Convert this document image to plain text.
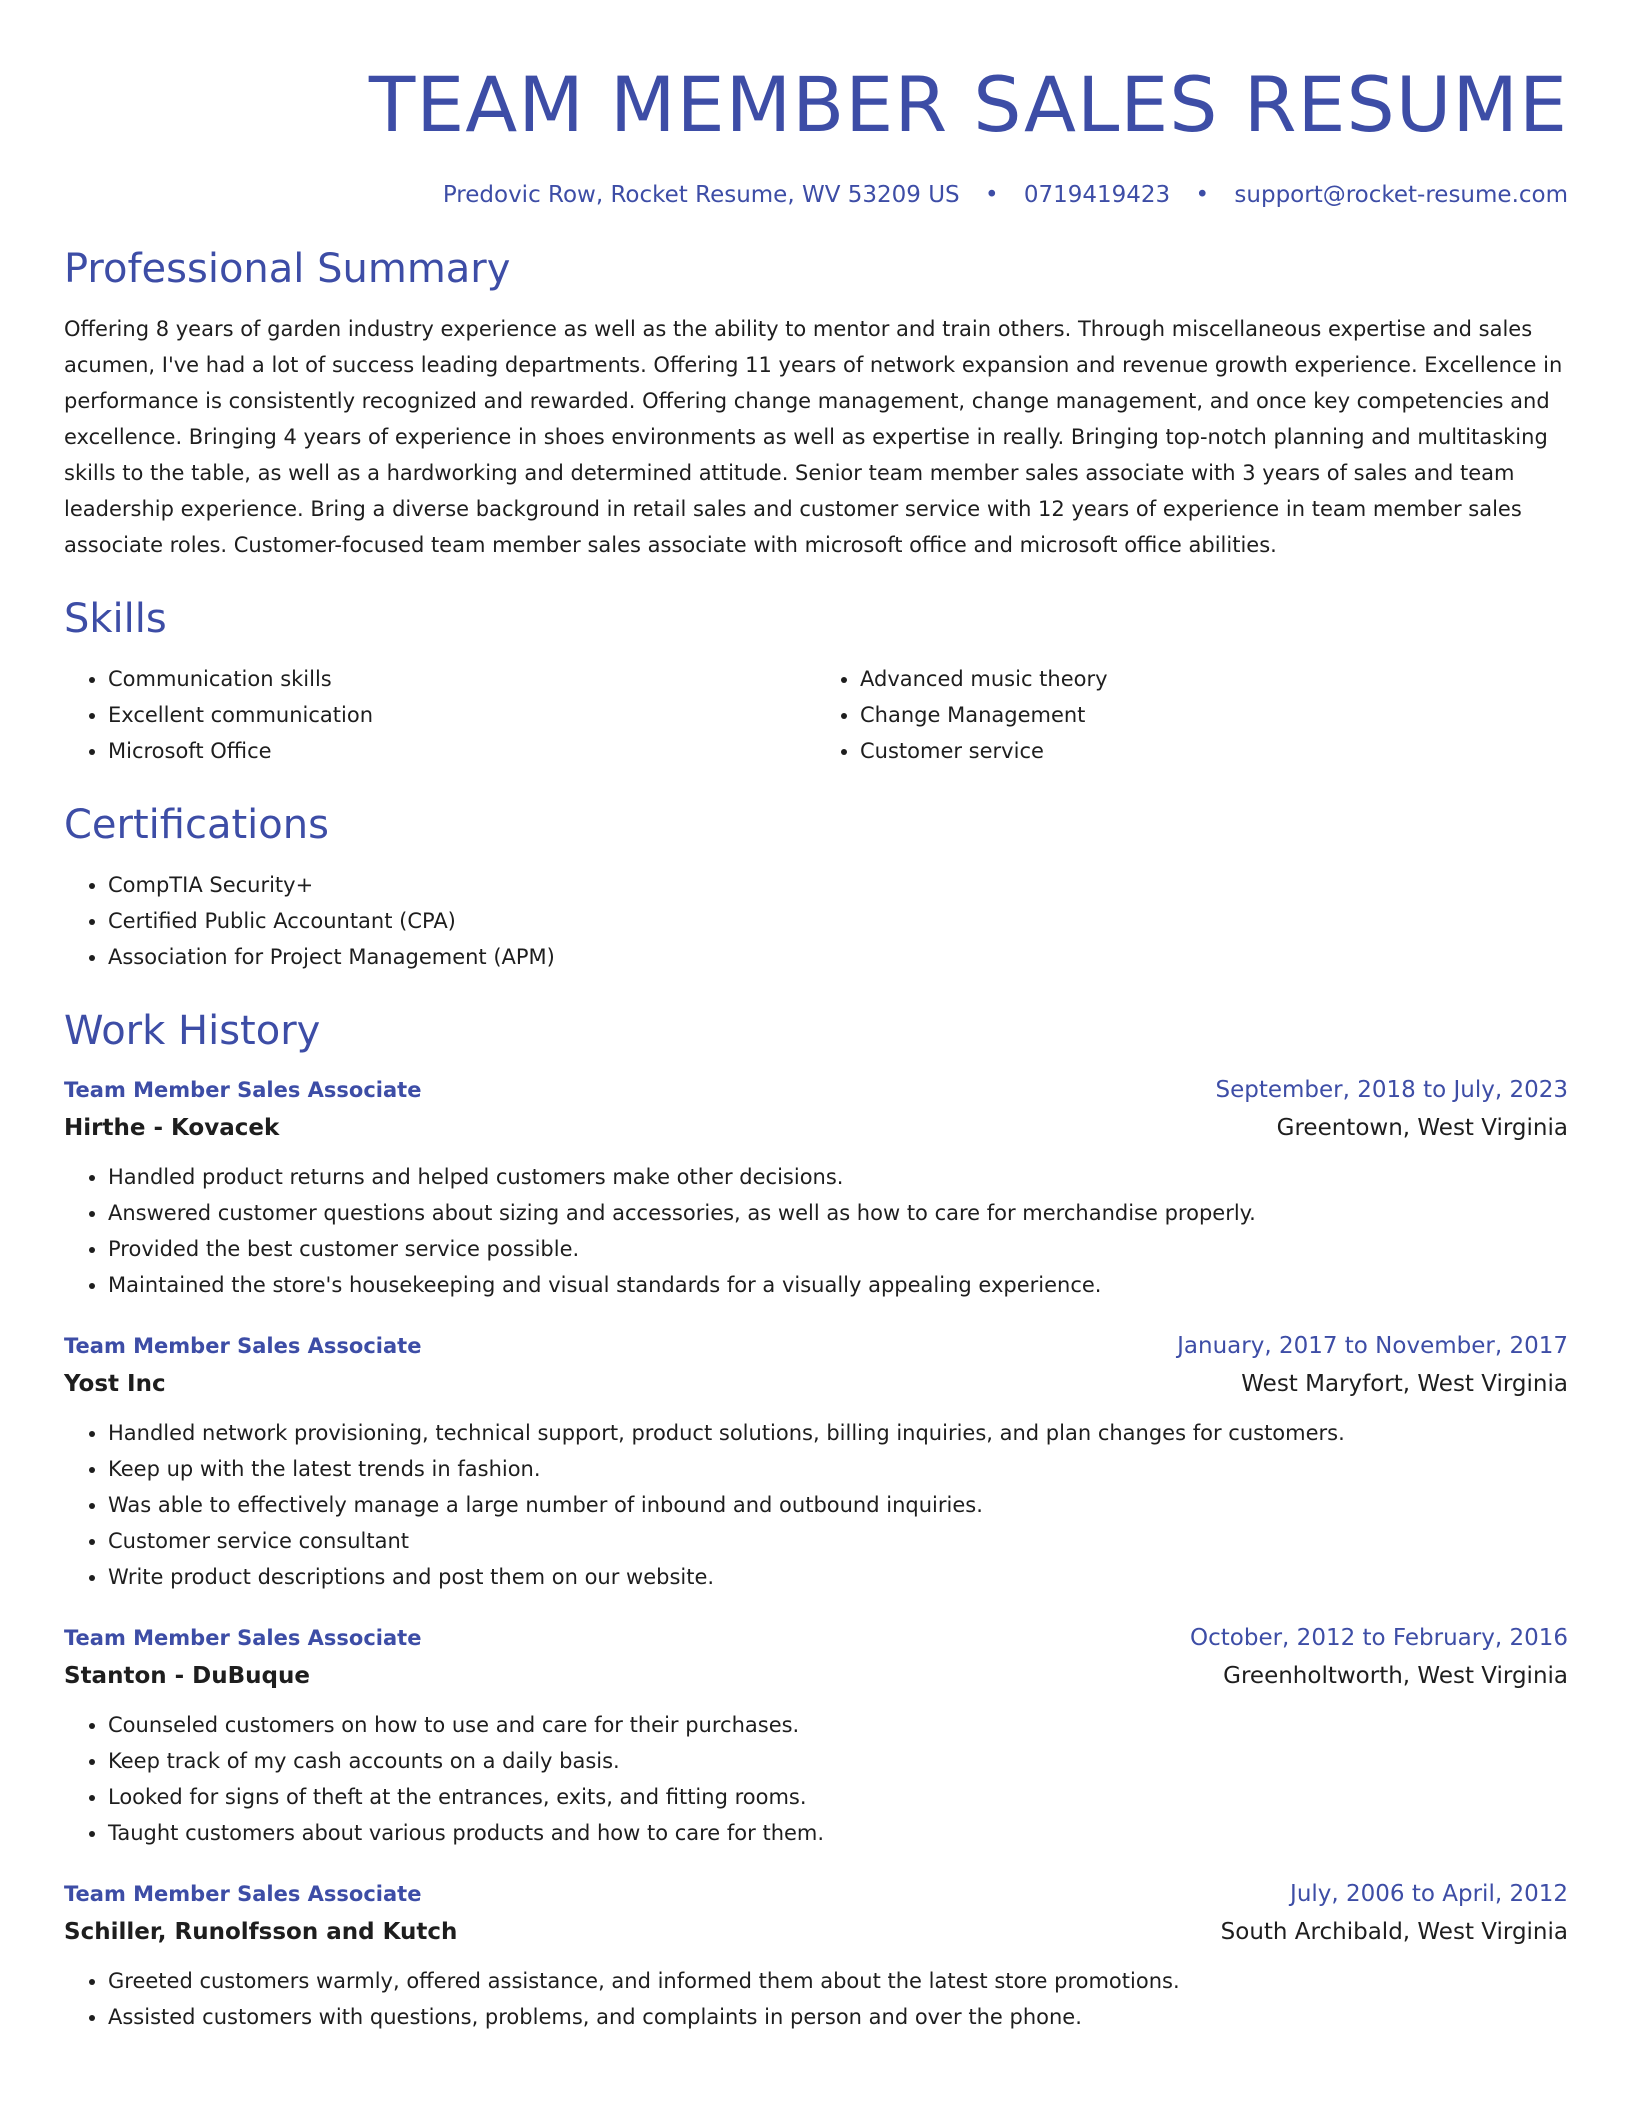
TEAM MEMBER SALES RESUME
Predovic Row, Rocket Resume, WV 53209 US • 0719419423 • support@rocket-resume.com
Professional Summary
Offering 8 years of garden industry experience as well as the ability to mentor and train others. Through miscellaneous expertise and sales acumen, I've had a lot of success leading departments. Offering 11 years of network expansion and revenue growth experience. Excellence in performance is consistently recognized and rewarded. Offering change management, change management, and once key competencies and excellence. Bringing 4 years of experience in shoes environments as well as expertise in really. Bringing top-notch planning and multitasking skills to the table, as well as a hardworking and determined attitude. Senior team member sales associate with 3 years of sales and team leadership experience. Bring a diverse background in retail sales and customer service with 12 years of experience in team member sales associate roles. Customer-focused team member sales associate with microsoft office and microsoft office abilities.
Skills
• Communication skills
• Excellent communication
• Microsoft Office
• Advanced music theory
• Change Management
• Customer service
Certifications
• CompTIA Security+
• Certified Public Accountant (CPA)
• Association for Project Management (APM)
Work History
Team Member Sales Associate	September, 2018 to July, 2023
Hirthe - Kovacek	Greentown, West Virginia
• Handled product returns and helped customers make other decisions.
• Answered customer questions about sizing and accessories, as well as how to care for merchandise properly.
• Provided the best customer service possible.
• Maintained the store's housekeeping and visual standards for a visually appealing experience.
Team Member Sales Associate	January, 2017 to November, 2017
Yost Inc	West Maryfort, West Virginia
• Handled network provisioning, technical support, product solutions, billing inquiries, and plan changes for customers.
• Keep up with the latest trends in fashion.
• Was able to effectively manage a large number of inbound and outbound inquiries.
• Customer service consultant
• Write product descriptions and post them on our website.
Team Member Sales Associate	October, 2012 to February, 2016
Stanton - DuBuque	Greenholtworth, West Virginia
• Counseled customers on how to use and care for their purchases.
• Keep track of my cash accounts on a daily basis.
• Looked for signs of theft at the entrances, exits, and fitting rooms.
• Taught customers about various products and how to care for them.
Team Member Sales Associate	July, 2006 to April, 2012
Schiller, Runolfsson and Kutch	South Archibald, West Virginia
• Greeted customers warmly, offered assistance, and informed them about the latest store promotions.
• Assisted customers with questions, problems, and complaints in person and over the phone.
